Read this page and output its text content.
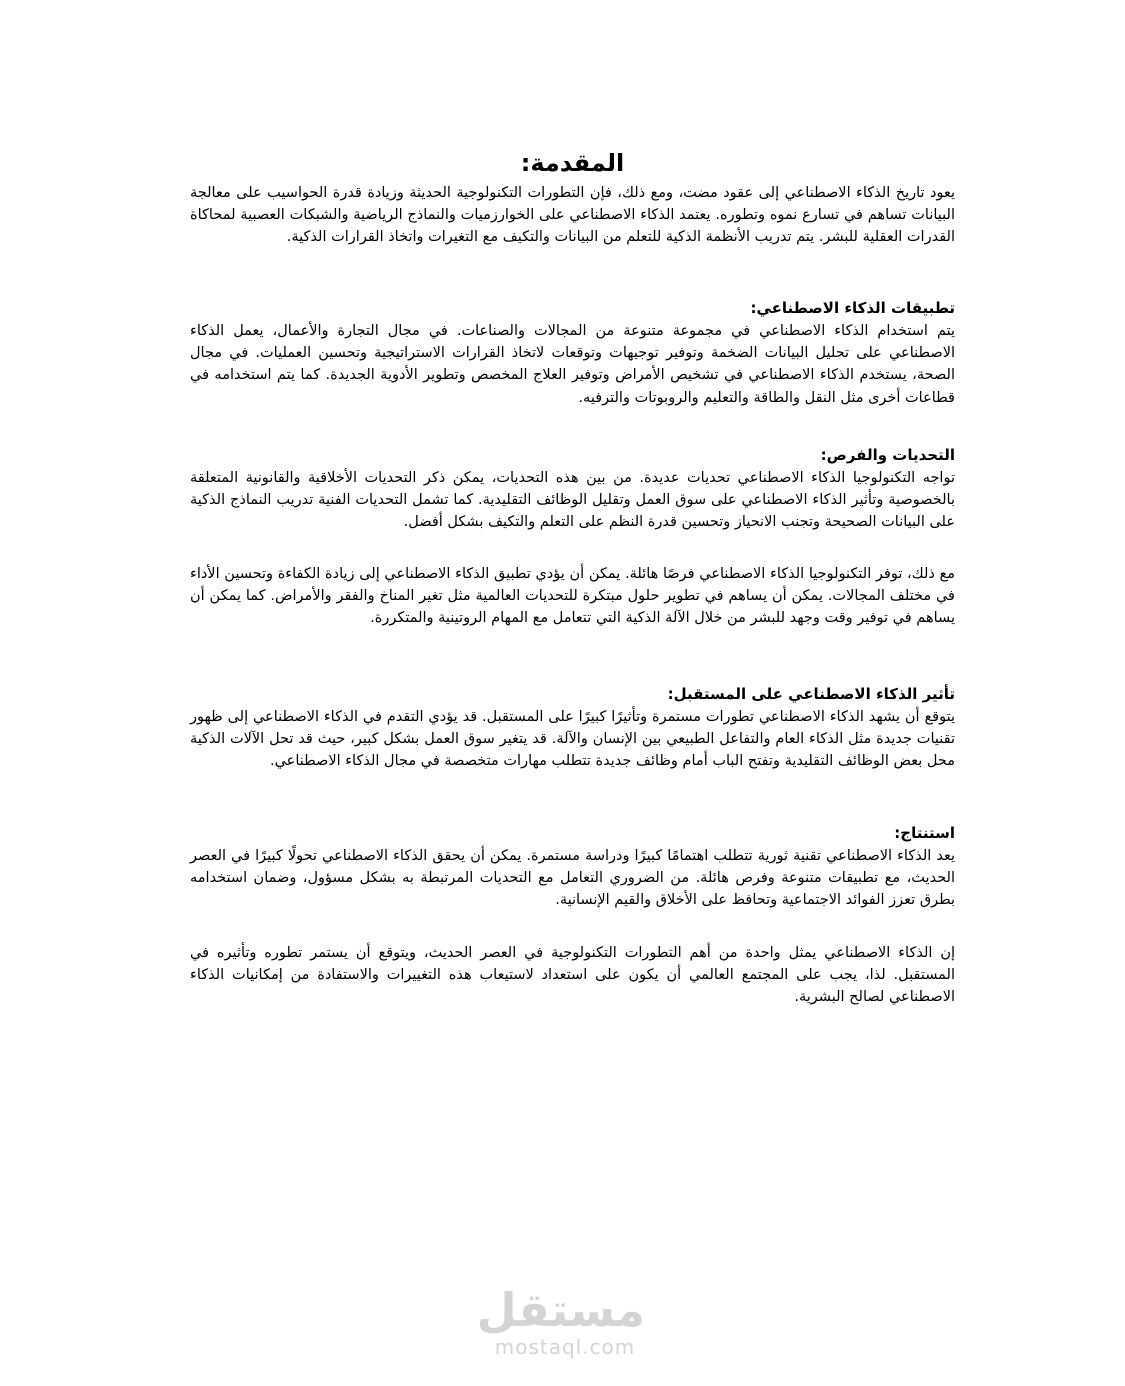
المقدمة:

يعود تاريخ الذكاء الاصطناعي إلى عقود مضت، ومع ذلك، فإن التطورات التكنولوجية الحديثة وزيادة قدرة الحواسيب على معالجة البيانات تساهم في تسارع نموه وتطوره. يعتمد الذكاء الاصطناعي على الخوارزميات والنماذج الرياضية والشبكات العصبية لمحاكاة القدرات العقلية للبشر. يتم تدريب الأنظمة الذكية للتعلم من البيانات والتكيف مع التغيرات واتخاذ القرارات الذكية.

تطبيقات الذكاء الاصطناعي:

يتم استخدام الذكاء الاصطناعي في مجموعة متنوعة من المجالات والصناعات. في مجال التجارة والأعمال، يعمل الذكاء الاصطناعي على تحليل البيانات الضخمة وتوفير توجيهات وتوقعات لاتخاذ القرارات الاستراتيجية وتحسين العمليات. في مجال الصحة، يستخدم الذكاء الاصطناعي في تشخيص الأمراض وتوفير العلاج المخصص وتطوير الأدوية الجديدة. كما يتم استخدامه في قطاعات أخرى مثل النقل والطاقة والتعليم والروبوتات والترفيه.

التحديات والفرص:

تواجه التكنولوجيا الذكاء الاصطناعي تحديات عديدة. من بين هذه التحديات، يمكن ذكر التحديات الأخلاقية والقانونية المتعلقة بالخصوصية وتأثير الذكاء الاصطناعي على سوق العمل وتقليل الوظائف التقليدية. كما تشمل التحديات الفنية تدريب النماذج الذكية على البيانات الصحيحة وتجنب الانحياز وتحسين قدرة النظم على التعلم والتكيف بشكل أفضل.

مع ذلك، توفر التكنولوجيا الذكاء الاصطناعي فرصًا هائلة. يمكن أن يؤدي تطبيق الذكاء الاصطناعي إلى زيادة الكفاءة وتحسين الأداء في مختلف المجالات. يمكن أن يساهم في تطوير حلول مبتكرة للتحديات العالمية مثل تغير المناخ والفقر والأمراض. كما يمكن أن يساهم في توفير وقت وجهد للبشر من خلال الآلة الذكية التي تتعامل مع المهام الروتينية والمتكررة.

تأثير الذكاء الاصطناعي على المستقبل:

يتوقع أن يشهد الذكاء الاصطناعي تطورات مستمرة وتأثيرًا كبيرًا على المستقبل. قد يؤدي التقدم في الذكاء الاصطناعي إلى ظهور تقنيات جديدة مثل الذكاء العام والتفاعل الطبيعي بين الإنسان والآلة. قد يتغير سوق العمل بشكل كبير، حيث قد تحل الآلات الذكية محل بعض الوظائف التقليدية وتفتح الباب أمام وظائف جديدة تتطلب مهارات متخصصة في مجال الذكاء الاصطناعي.

استنتاج:

يعد الذكاء الاصطناعي تقنية ثورية تتطلب اهتمامًا كبيرًا ودراسة مستمرة. يمكن أن يحقق الذكاء الاصطناعي تحولًا كبيرًا في العصر الحديث، مع تطبيقات متنوعة وفرص هائلة. من الضروري التعامل مع التحديات المرتبطة به بشكل مسؤول، وضمان استخدامه بطرق تعزز الفوائد الاجتماعية وتحافظ على الأخلاق والقيم الإنسانية.

إن الذكاء الاصطناعي يمثل واحدة من أهم التطورات التكنولوجية في العصر الحديث، ويتوقع أن يستمر تطوره وتأثيره في المستقبل. لذا، يجب على المجتمع العالمي أن يكون على استعداد لاستيعاب هذه التغييرات والاستفادة من إمكانيات الذكاء الاصطناعي لصالح البشرية.

مستقل
mostaql.com
